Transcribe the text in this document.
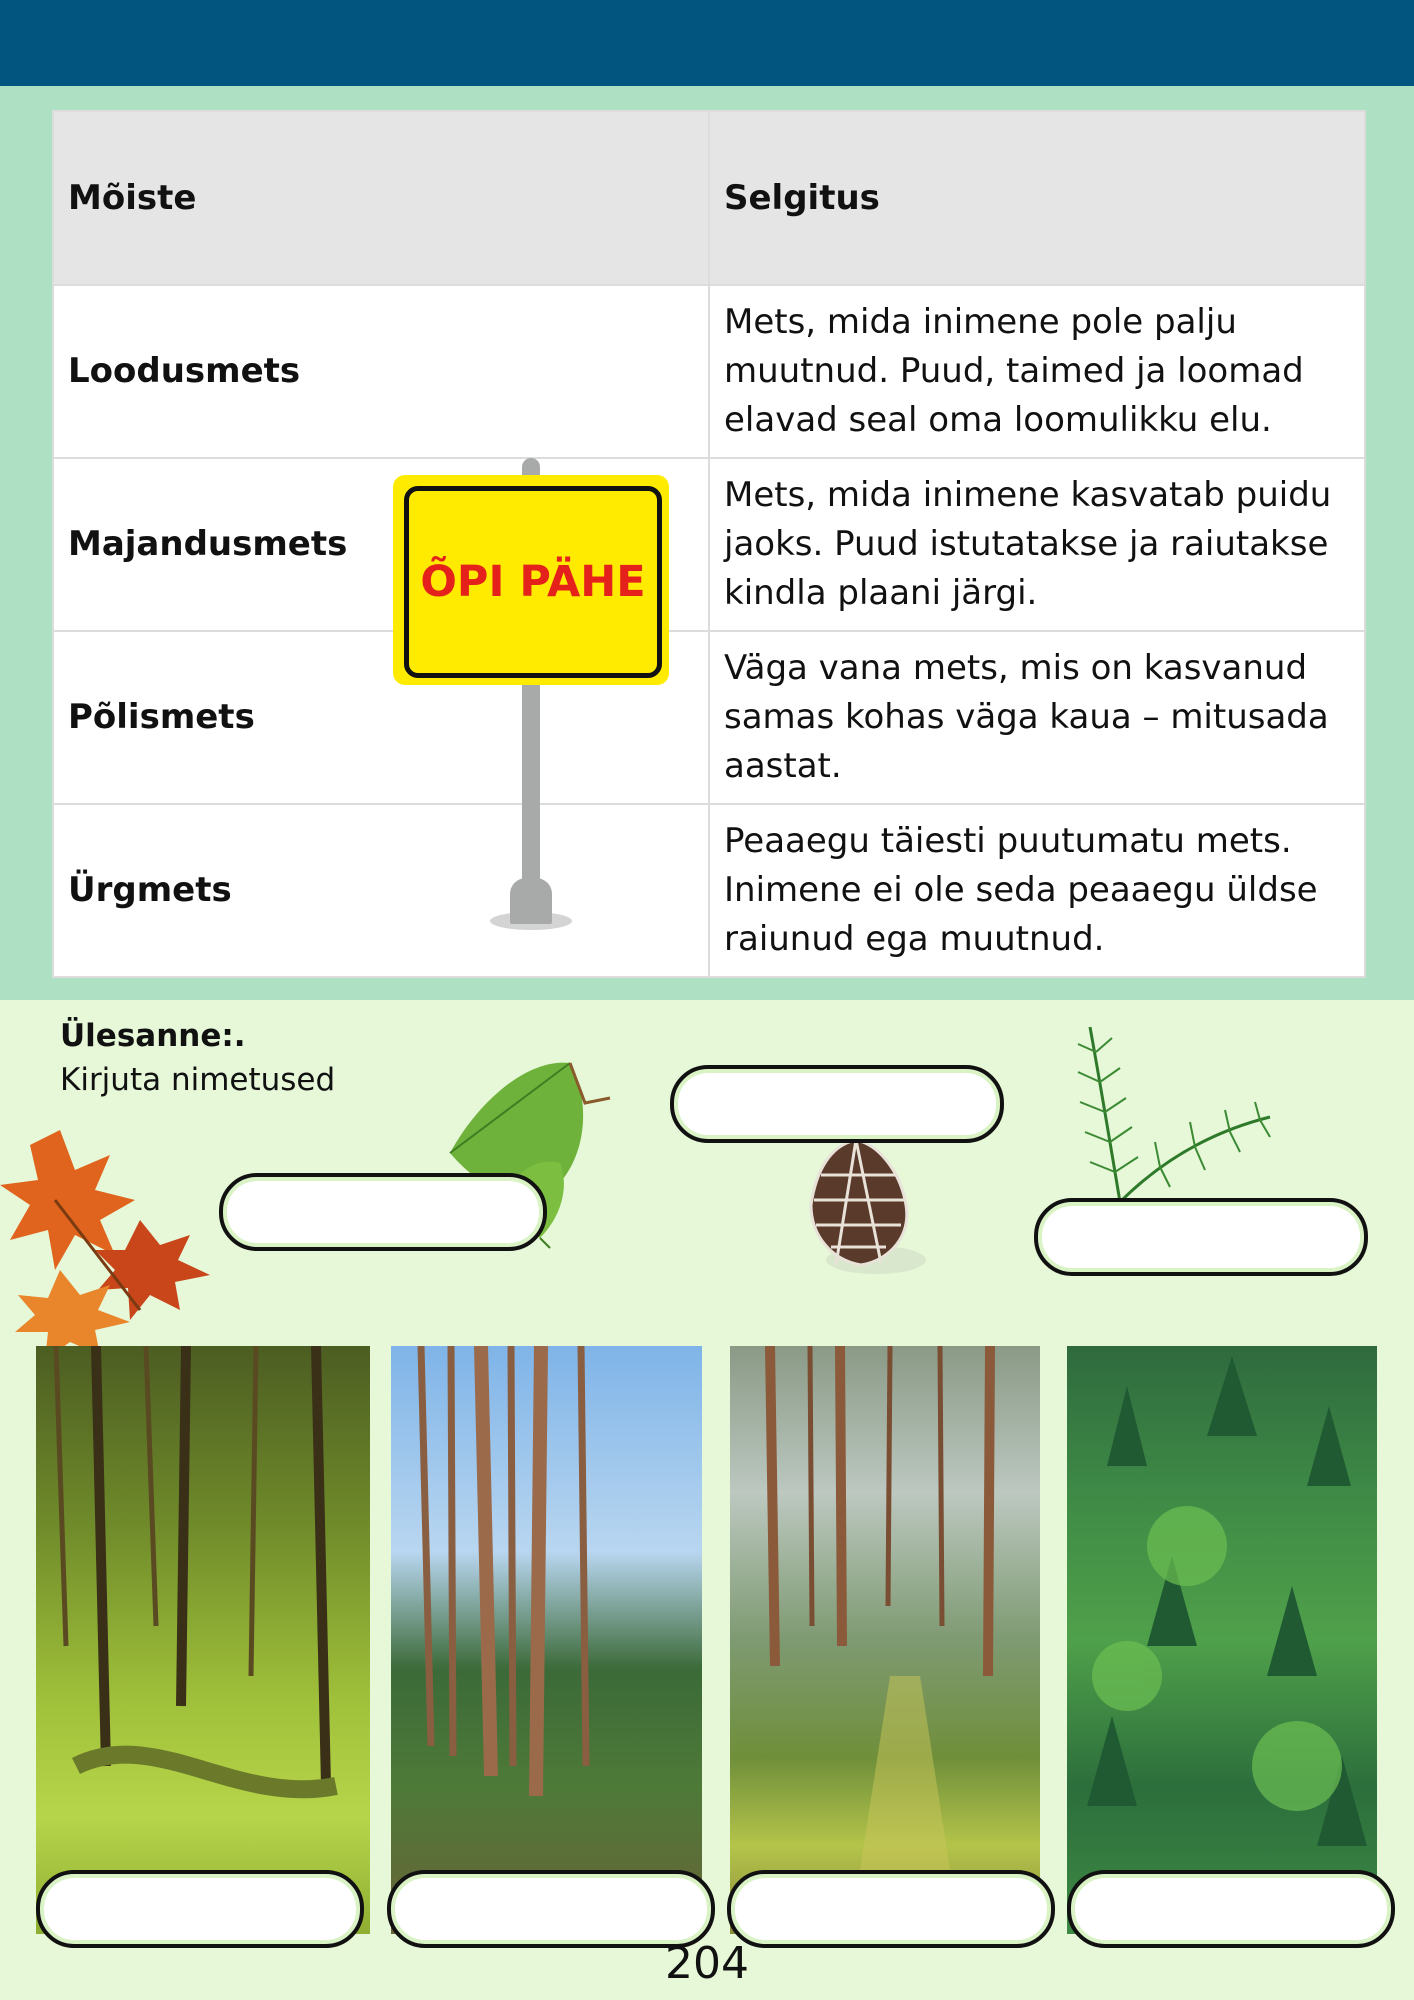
Mõiste	Selgitus
Loodusmets	Mets, mida inimene pole palju muutnud. Puud, taimed ja loomad elavad seal oma loomulikku elu.
Majandusmets	Mets, mida inimene kasvatab puidu jaoks. Puud istutatakse ja raiutakse kindla plaani järgi.
Põlismets	Väga vana mets, mis on kasvanud samas kohas väga kaua – mitusada aastat.
Ürgmets	Peaaegu täiesti puutumatu mets. Inimene ei ole seda peaaegu üldse raiunud ega muutnud.
ÕPI PÄHE
Ülesanne:.
Kirjuta nimetused
204
